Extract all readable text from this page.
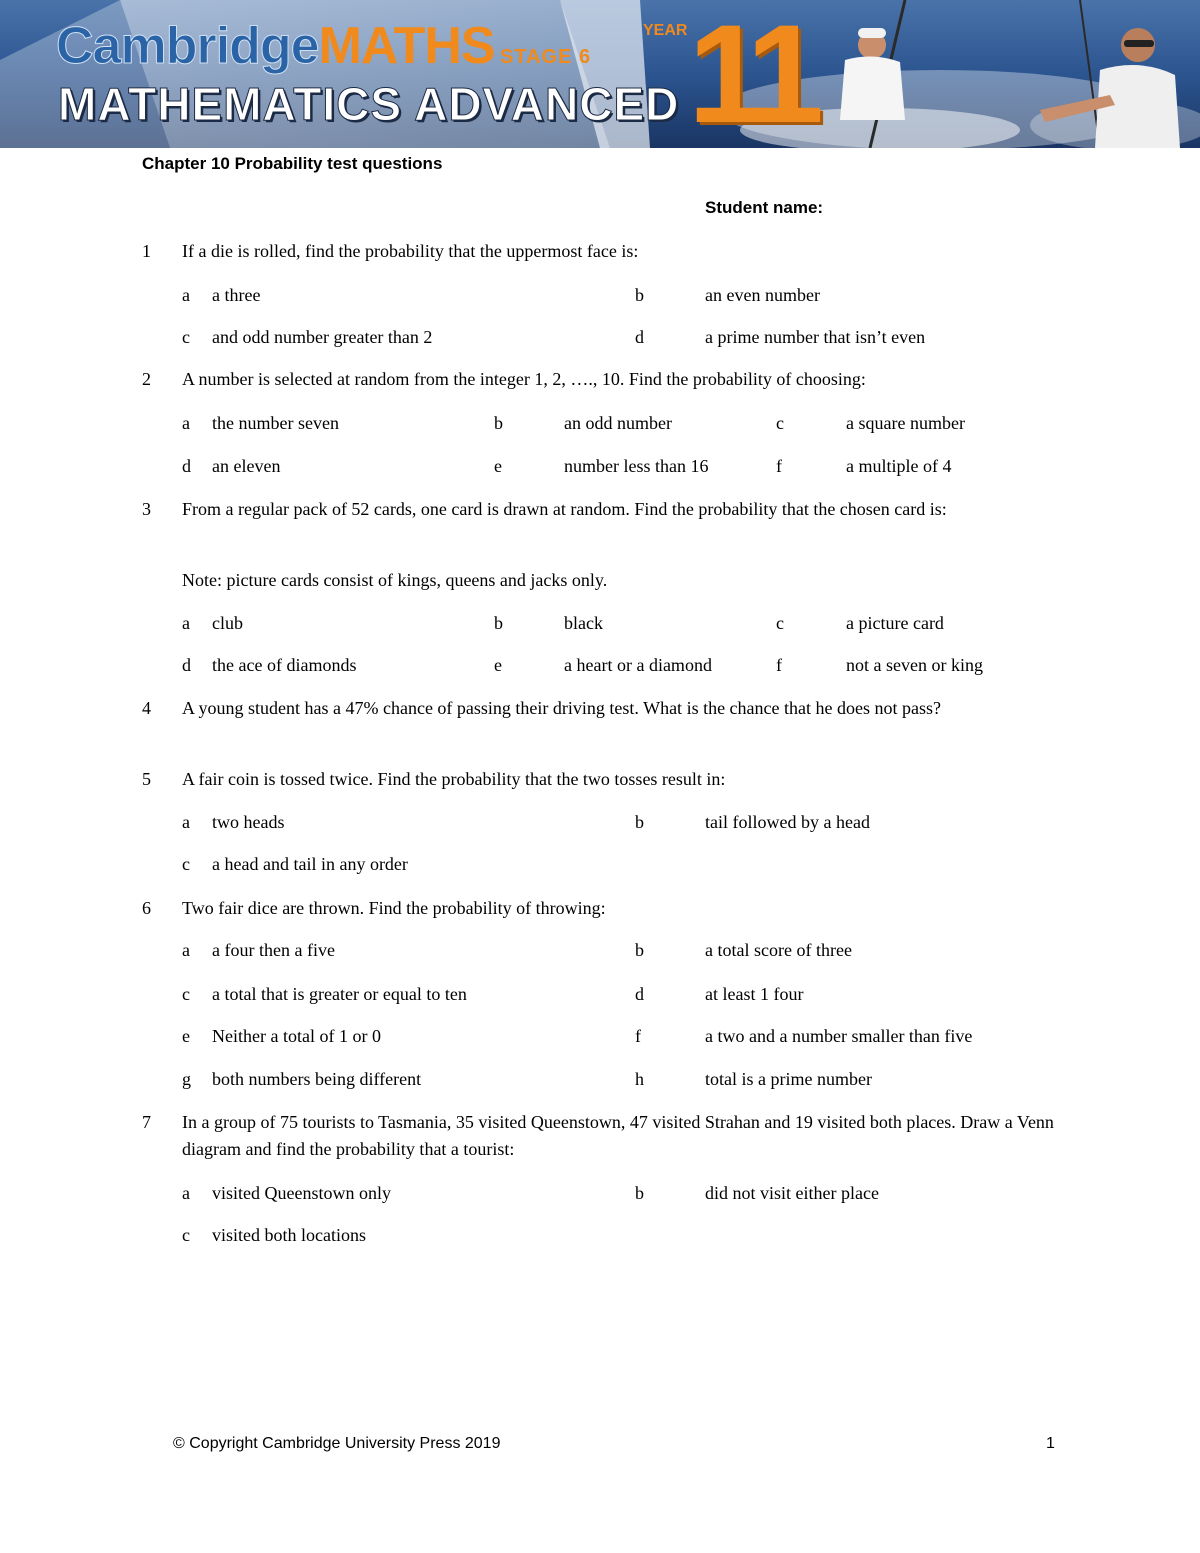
CambridgeMATHS STAGE 6
MATHEMATICS ADVANCED
YEAR 11
Chapter 10 Probability test questions
Student name:
1 If a die is rolled, find the probability that the uppermost face is:
a a three	b	an even number
c and odd number greater than 2	d	a prime number that isn’t even
2 A number is selected at random from the integer 1, 2, …., 10. Find the probability of choosing:
a the number seven	b	an odd number	c	a square number
d an eleven	e	number less than 16	f	a multiple of 4
3 From a regular pack of 52 cards, one card is drawn at random. Find the probability that the chosen card is:
Note: picture cards consist of kings, queens and jacks only.
a club	b	black	c	a picture card
d the ace of diamonds	e	a heart or a diamond	f	not a seven or king
4 A young student has a 47% chance of passing their driving test. What is the chance that he does not pass?
5 A fair coin is tossed twice. Find the probability that the two tosses result in:
a two heads	b	tail followed by a head
c a head and tail in any order
6 Two fair dice are thrown. Find the probability of throwing:
a a four then a five	b	a total score of three
c a total that is greater or equal to ten	d	at least 1 four
e Neither a total of 1 or 0	f	a two and a number smaller than five
g both numbers being different	h	total is a prime number
7 In a group of 75 tourists to Tasmania, 35 visited Queenstown, 47 visited Strahan and 19 visited both places. Draw a Venn diagram and find the probability that a tourist:
a visited Queenstown only	b	did not visit either place
c visited both locations
© Copyright Cambridge University Press 2019	1
